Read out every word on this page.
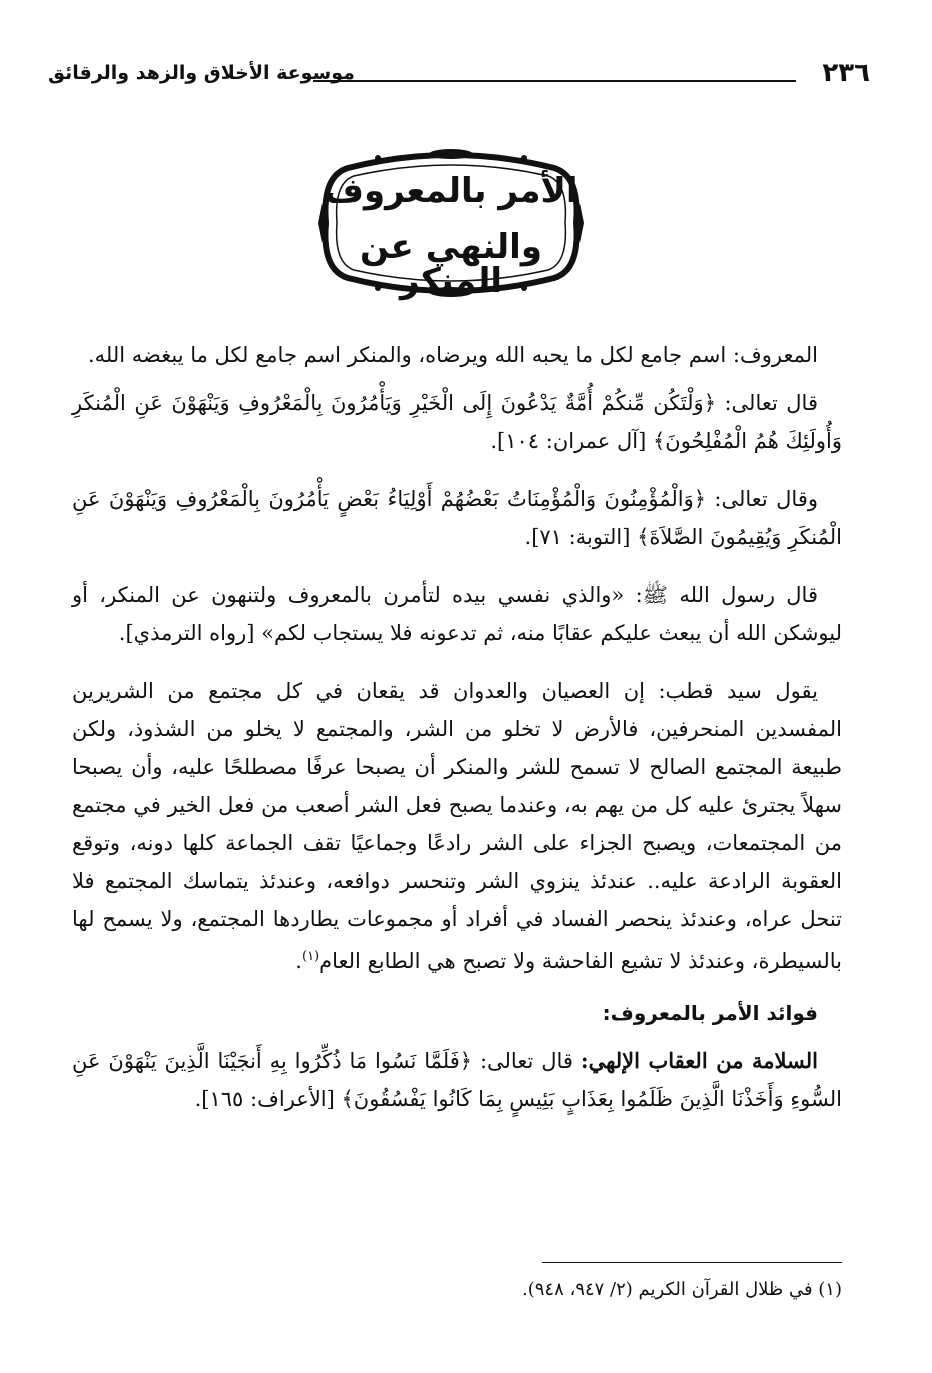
٢٣٦
موسوعة الأخلاق والزهد والرقائق
الأمر بالمعروف
والنهي عن المنكر

المعروف: اسم جامع لكل ما يحبه الله ويرضاه، والمنكر اسم جامع لكل ما يبغضه الله.

قال تعالى: ﴿وَلْتَكُن مِّنكُمْ أُمَّةٌ يَدْعُونَ إِلَى الْخَيْرِ وَيَأْمُرُونَ بِالْمَعْرُوفِ وَيَنْهَوْنَ عَنِ الْمُنكَرِ وَأُولَئِكَ هُمُ الْمُفْلِحُونَ﴾ [آل عمران: ١٠٤].

وقال تعالى: ﴿وَالْمُؤْمِنُونَ وَالْمُؤْمِنَاتُ بَعْضُهُمْ أَوْلِيَاءُ بَعْضٍ يَأْمُرُونَ بِالْمَعْرُوفِ وَيَنْهَوْنَ عَنِ الْمُنكَرِ وَيُقِيمُونَ الصَّلاَةَ﴾ [التوبة: ٧١].

قال رسول الله ﷺ: «والذي نفسي بيده لتأمرن بالمعروف ولتنهون عن المنكر، أو ليوشكن الله أن يبعث عليكم عقابًا منه، ثم تدعونه فلا يستجاب لكم» [رواه الترمذي].

يقول سيد قطب: إن العصيان والعدوان قد يقعان في كل مجتمع من الشريرين المفسدين المنحرفين، فالأرض لا تخلو من الشر، والمجتمع لا يخلو من الشذوذ، ولكن طبيعة المجتمع الصالح لا تسمح للشر والمنكر أن يصبحا عرفًا مصطلحًا عليه، وأن يصبحا سهلاً يجترئ عليه كل من يهم به، وعندما يصبح فعل الشر أصعب من فعل الخير في مجتمع من المجتمعات، ويصبح الجزاء على الشر رادعًا وجماعيًا تقف الجماعة كلها دونه، وتوقع العقوبة الرادعة عليه.. عندئذ ينزوي الشر وتنحسر دوافعه، وعندئذ يتماسك المجتمع فلا تنحل عراه، وعندئذ ينحصر الفساد في أفراد أو مجموعات يطاردها المجتمع، ولا يسمح لها بالسيطرة، وعندئذ لا تشيع الفاحشة ولا تصبح هي الطابع العام$^{(١)}$.

فوائد الأمر بالمعروف:

السلامة من العقاب الإلهي: قال تعالى: ﴿فَلَمَّا نَسُوا مَا ذُكِّرُوا بِهِ أَنجَيْنَا الَّذِينَ يَنْهَوْنَ عَنِ السُّوءِ وَأَخَذْنَا الَّذِينَ ظَلَمُوا بِعَذَابٍ بَئِيسٍ بِمَا كَانُوا يَفْسُقُونَ﴾ [الأعراف: ١٦٥].

(١) في ظلال القرآن الكريم (٢/ ٩٤٧، ٩٤٨).
